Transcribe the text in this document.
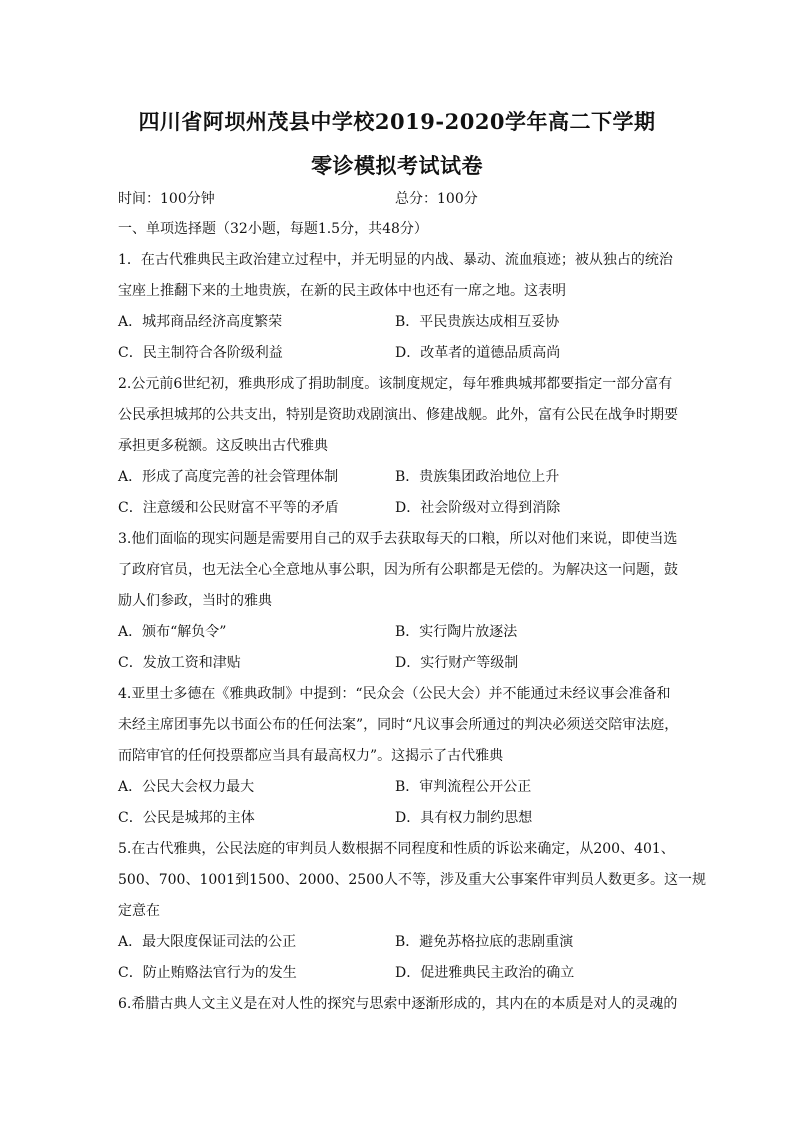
四川省阿坝州茂县中学校2019-2020学年高二下学期
零诊模拟考试试卷
时间：100分钟	总分：100分
一、单项选择题（32小题，每题1.5分，共48分）
1．在古代雅典民主政治建立过程中，并无明显的内战、暴动、流血痕迹；被从独占的统治
宝座上推翻下来的土地贵族，在新的民主政体中也还有一席之地。这表明
A．城邦商品经济高度繁荣	B．平民贵族达成相互妥协
C．民主制符合各阶级利益	D．改革者的道德品质高尚
2.公元前6世纪初，雅典形成了捐助制度。该制度规定，每年雅典城邦都要指定一部分富有
公民承担城邦的公共支出，特别是资助戏剧演出、修建战舰。此外，富有公民在战争时期要
承担更多税额。这反映出古代雅典
A．形成了高度完善的社会管理体制	B．贵族集团政治地位上升
C．注意缓和公民财富不平等的矛盾	D．社会阶级对立得到消除
3.他们面临的现实问题是需要用自己的双手去获取每天的口粮，所以对他们来说，即使当选
了政府官员，也无法全心全意地从事公职，因为所有公职都是无偿的。为解决这一问题，鼓
励人们参政，当时的雅典
A．颁布“解负令”	B．实行陶片放逐法
C．发放工资和津贴	D．实行财产等级制
4.亚里士多德在《雅典政制》中提到：“民众会（公民大会）并不能通过未经议事会准备和
未经主席团事先以书面公布的任何法案”，同时“凡议事会所通过的判决必须送交陪审法庭，
而陪审官的任何投票都应当具有最高权力”。这揭示了古代雅典
A．公民大会权力最大	B．审判流程公开公正
C．公民是城邦的主体	D．具有权力制约思想
5.在古代雅典，公民法庭的审判员人数根据不同程度和性质的诉讼来确定，从200、401、
500、700、1001到1500、2000、2500人不等，涉及重大公事案件审判员人数更多。这一规
定意在
A．最大限度保证司法的公正	B．避免苏格拉底的悲剧重演
C．防止贿赂法官行为的发生	D．促进雅典民主政治的确立
6.希腊古典人文主义是在对人性的探究与思索中逐渐形成的，其内在的本质是对人的灵魂的
